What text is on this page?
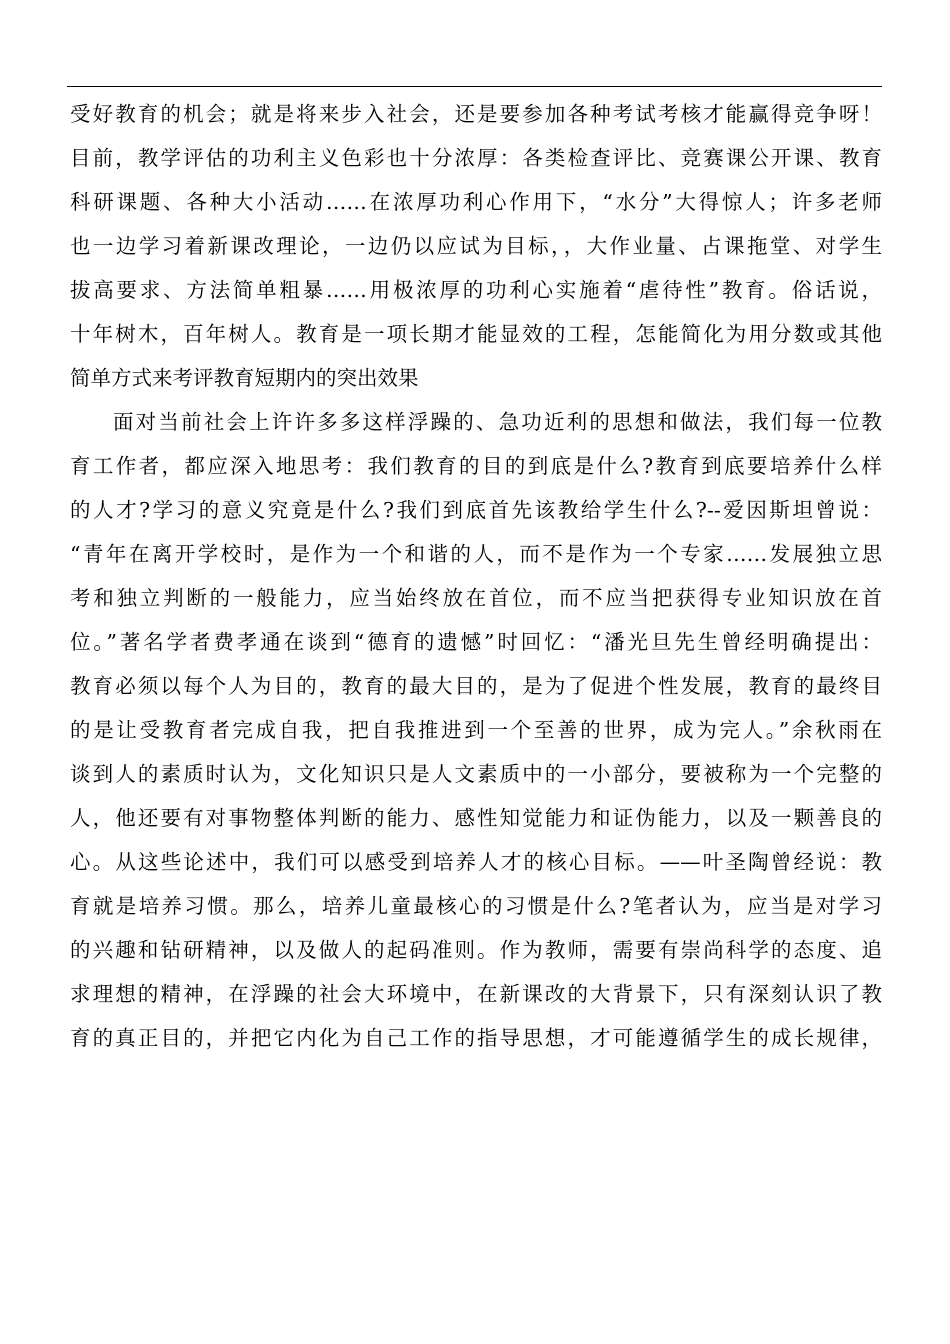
受好教育的机会；就是将来步入社会，还是要参加各种考试考核才能赢得竞争呀！
目前，教学评估的功利主义色彩也十分浓厚：各类检查评比、竞赛课公开课、教育
科研课题、各种大小活动……在浓厚功利心作用下，“水分”大得惊人；许多老师
也一边学习着新课改理论，一边仍以应试为目标，，大作业量、占课拖堂、对学生
拔高要求、方法简单粗暴……用极浓厚的功利心实施着“虐待性”教育。俗话说，
十年树木，百年树人。教育是一项长期才能显效的工程，怎能简化为用分数或其他
简单方式来考评教育短期内的突出效果
面对当前社会上许许多多这样浮躁的、急功近利的思想和做法，我们每一位教
育工作者，都应深入地思考：我们教育的目的到底是什么?教育到底要培养什么样
的人才?学习的意义究竟是什么?我们到底首先该教给学生什么?--爱因斯坦曾说：
“青年在离开学校时，是作为一个和谐的人，而不是作为一个专家……发展独立思
考和独立判断的一般能力，应当始终放在首位，而不应当把获得专业知识放在首
位。”著名学者费孝通在谈到“德育的遗憾”时回忆：“潘光旦先生曾经明确提出：
教育必须以每个人为目的，教育的最大目的，是为了促进个性发展，教育的最终目
的是让受教育者完成自我，把自我推进到一个至善的世界，成为完人。”余秋雨在
谈到人的素质时认为，文化知识只是人文素质中的一小部分，要被称为一个完整的
人，他还要有对事物整体判断的能力、感性知觉能力和证伪能力，以及一颗善良的
心。从这些论述中，我们可以感受到培养人才的核心目标。——叶圣陶曾经说：教
育就是培养习惯。那么，培养儿童最核心的习惯是什么?笔者认为，应当是对学习
的兴趣和钻研精神，以及做人的起码准则。作为教师，需要有崇尚科学的态度、追
求理想的精神，在浮躁的社会大环境中，在新课改的大背景下，只有深刻认识了教
育的真正目的，并把它内化为自己工作的指导思想，才可能遵循学生的成长规律，
